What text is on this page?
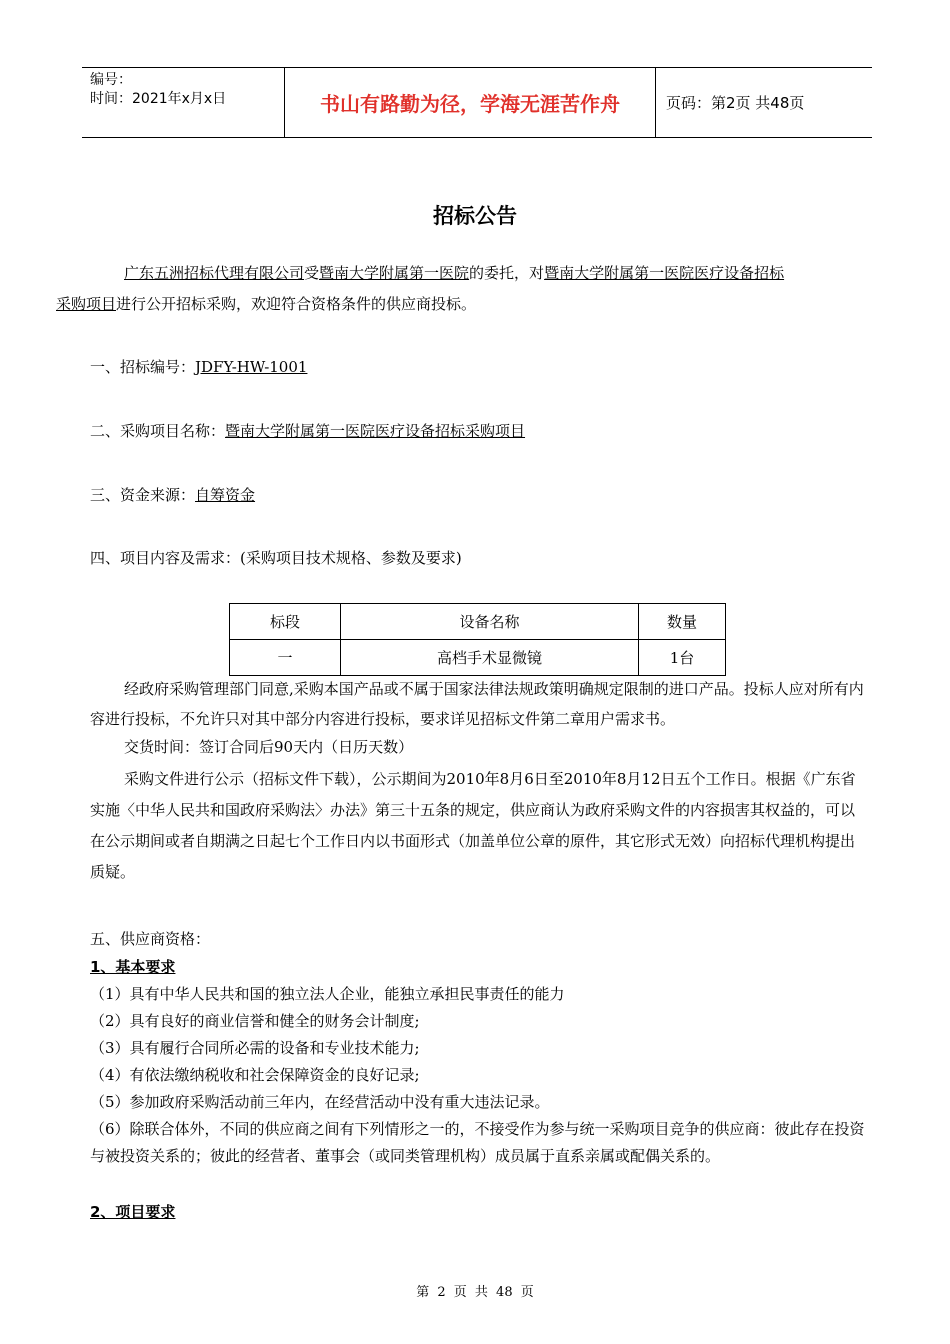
编号：
时间：2021年x月x日	书山有路勤为径，学海无涯苦作舟	页码：第2页 共48页
招标公告
广东五洲招标代理有限公司受暨南大学附属第一医院的委托，对暨南大学附属第一医院医疗设备招标
采购项目进行公开招标采购，欢迎符合资格条件的供应商投标。
一、招标编号：JDFY-HW-1001
二、采购项目名称：暨南大学附属第一医院医疗设备招标采购项目
三、资金来源：自筹资金
四、项目内容及需求：(采购项目技术规格、参数及要求)
标段	设备名称	数量
一	高档手术显微镜	1台
经政府采购管理部门同意,采购本国产品或不属于国家法律法规政策明确规定限制的进口产品。投标人应对所有内容进行投标，不允许只对其中部分内容进行投标，要求详见招标文件第二章用户需求书。
交货时间：签订合同后90天内（日历天数）
采购文件进行公示（招标文件下载），公示期间为2010年8月6日至2010年8月12日五个工作日。根据《广东省实施〈中华人民共和国政府采购法〉办法》第三十五条的规定，供应商认为政府采购文件的内容损害其权益的，可以在公示期间或者自期满之日起七个工作日内以书面形式（加盖单位公章的原件，其它形式无效）向招标代理机构提出质疑。
五、供应商资格：
1、基本要求
（1）具有中华人民共和国的独立法人企业，能独立承担民事责任的能力
（2）具有良好的商业信誉和健全的财务会计制度;
（3）具有履行合同所必需的设备和专业技术能力;
（4）有依法缴纳税收和社会保障资金的良好记录;
（5）参加政府采购活动前三年内，在经营活动中没有重大违法记录。
（6）除联合体外，不同的供应商之间有下列情形之一的，不接受作为参与统一采购项目竞争的供应商：彼此存在投资与被投资关系的；彼此的经营者、董事会（或同类管理机构）成员属于直系亲属或配偶关系的。
2、项目要求
第 2 页 共 48 页
